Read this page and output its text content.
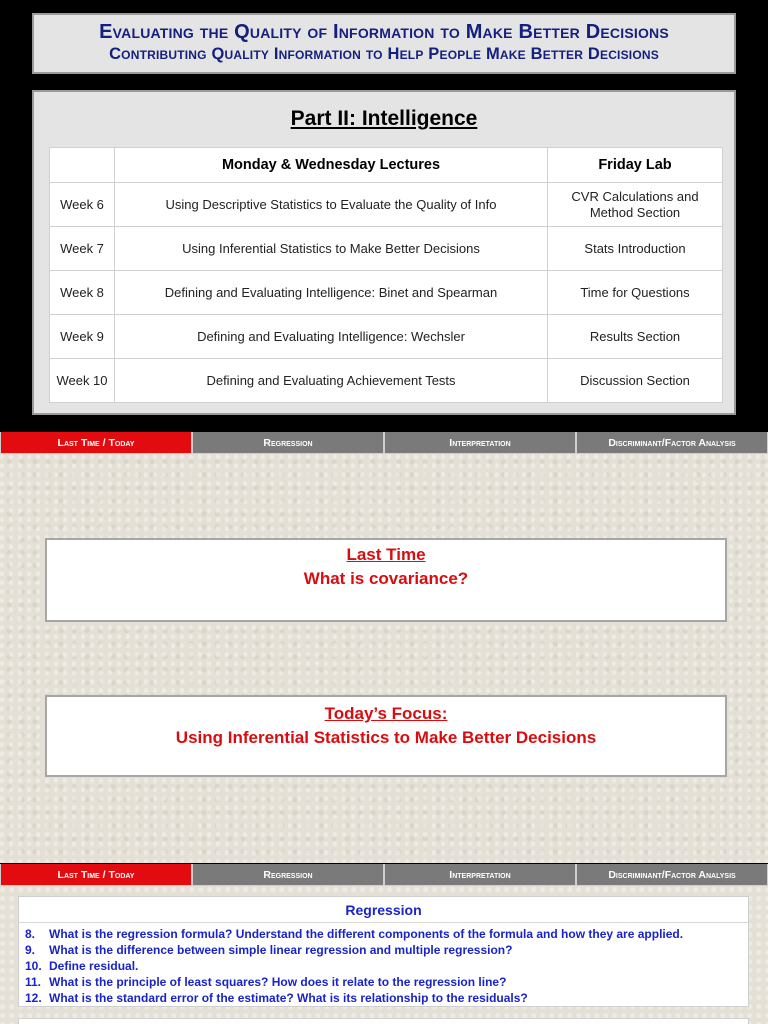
Evaluating the Quality of Information to Make Better Decisions
Contributing Quality Information to Help People Make Better Decisions
Part II: Intelligence
	Monday & Wednesday Lectures	Friday Lab
Week 6	Using Descriptive Statistics to Evaluate the Quality of Info	CVR Calculations and Method Section
Week 7	Using Inferential Statistics to Make Better Decisions	Stats Introduction
Week 8	Defining and Evaluating Intelligence: Binet and Spearman	Time for Questions
Week 9	Defining and Evaluating Intelligence: Wechsler	Results Section
Week 10	Defining and Evaluating Achievement Tests	Discussion Section
Last Time / Today	Regression	Interpretation	Discriminant/Factor Analysis
Last Time
What is covariance?
Today’s Focus:
Using Inferential Statistics to Make Better Decisions
Last Time / Today	Regression	Interpretation	Discriminant/Factor Analysis
Regression
8.	What is the regression formula? Understand the different components of the formula and how they are applied.
9.	What is the difference between simple linear regression and multiple regression?
10. Define residual.
11. What is the principle of least squares? How does it relate to the regression line?
12. What is the standard error of the estimate? What is its relationship to the residuals?
